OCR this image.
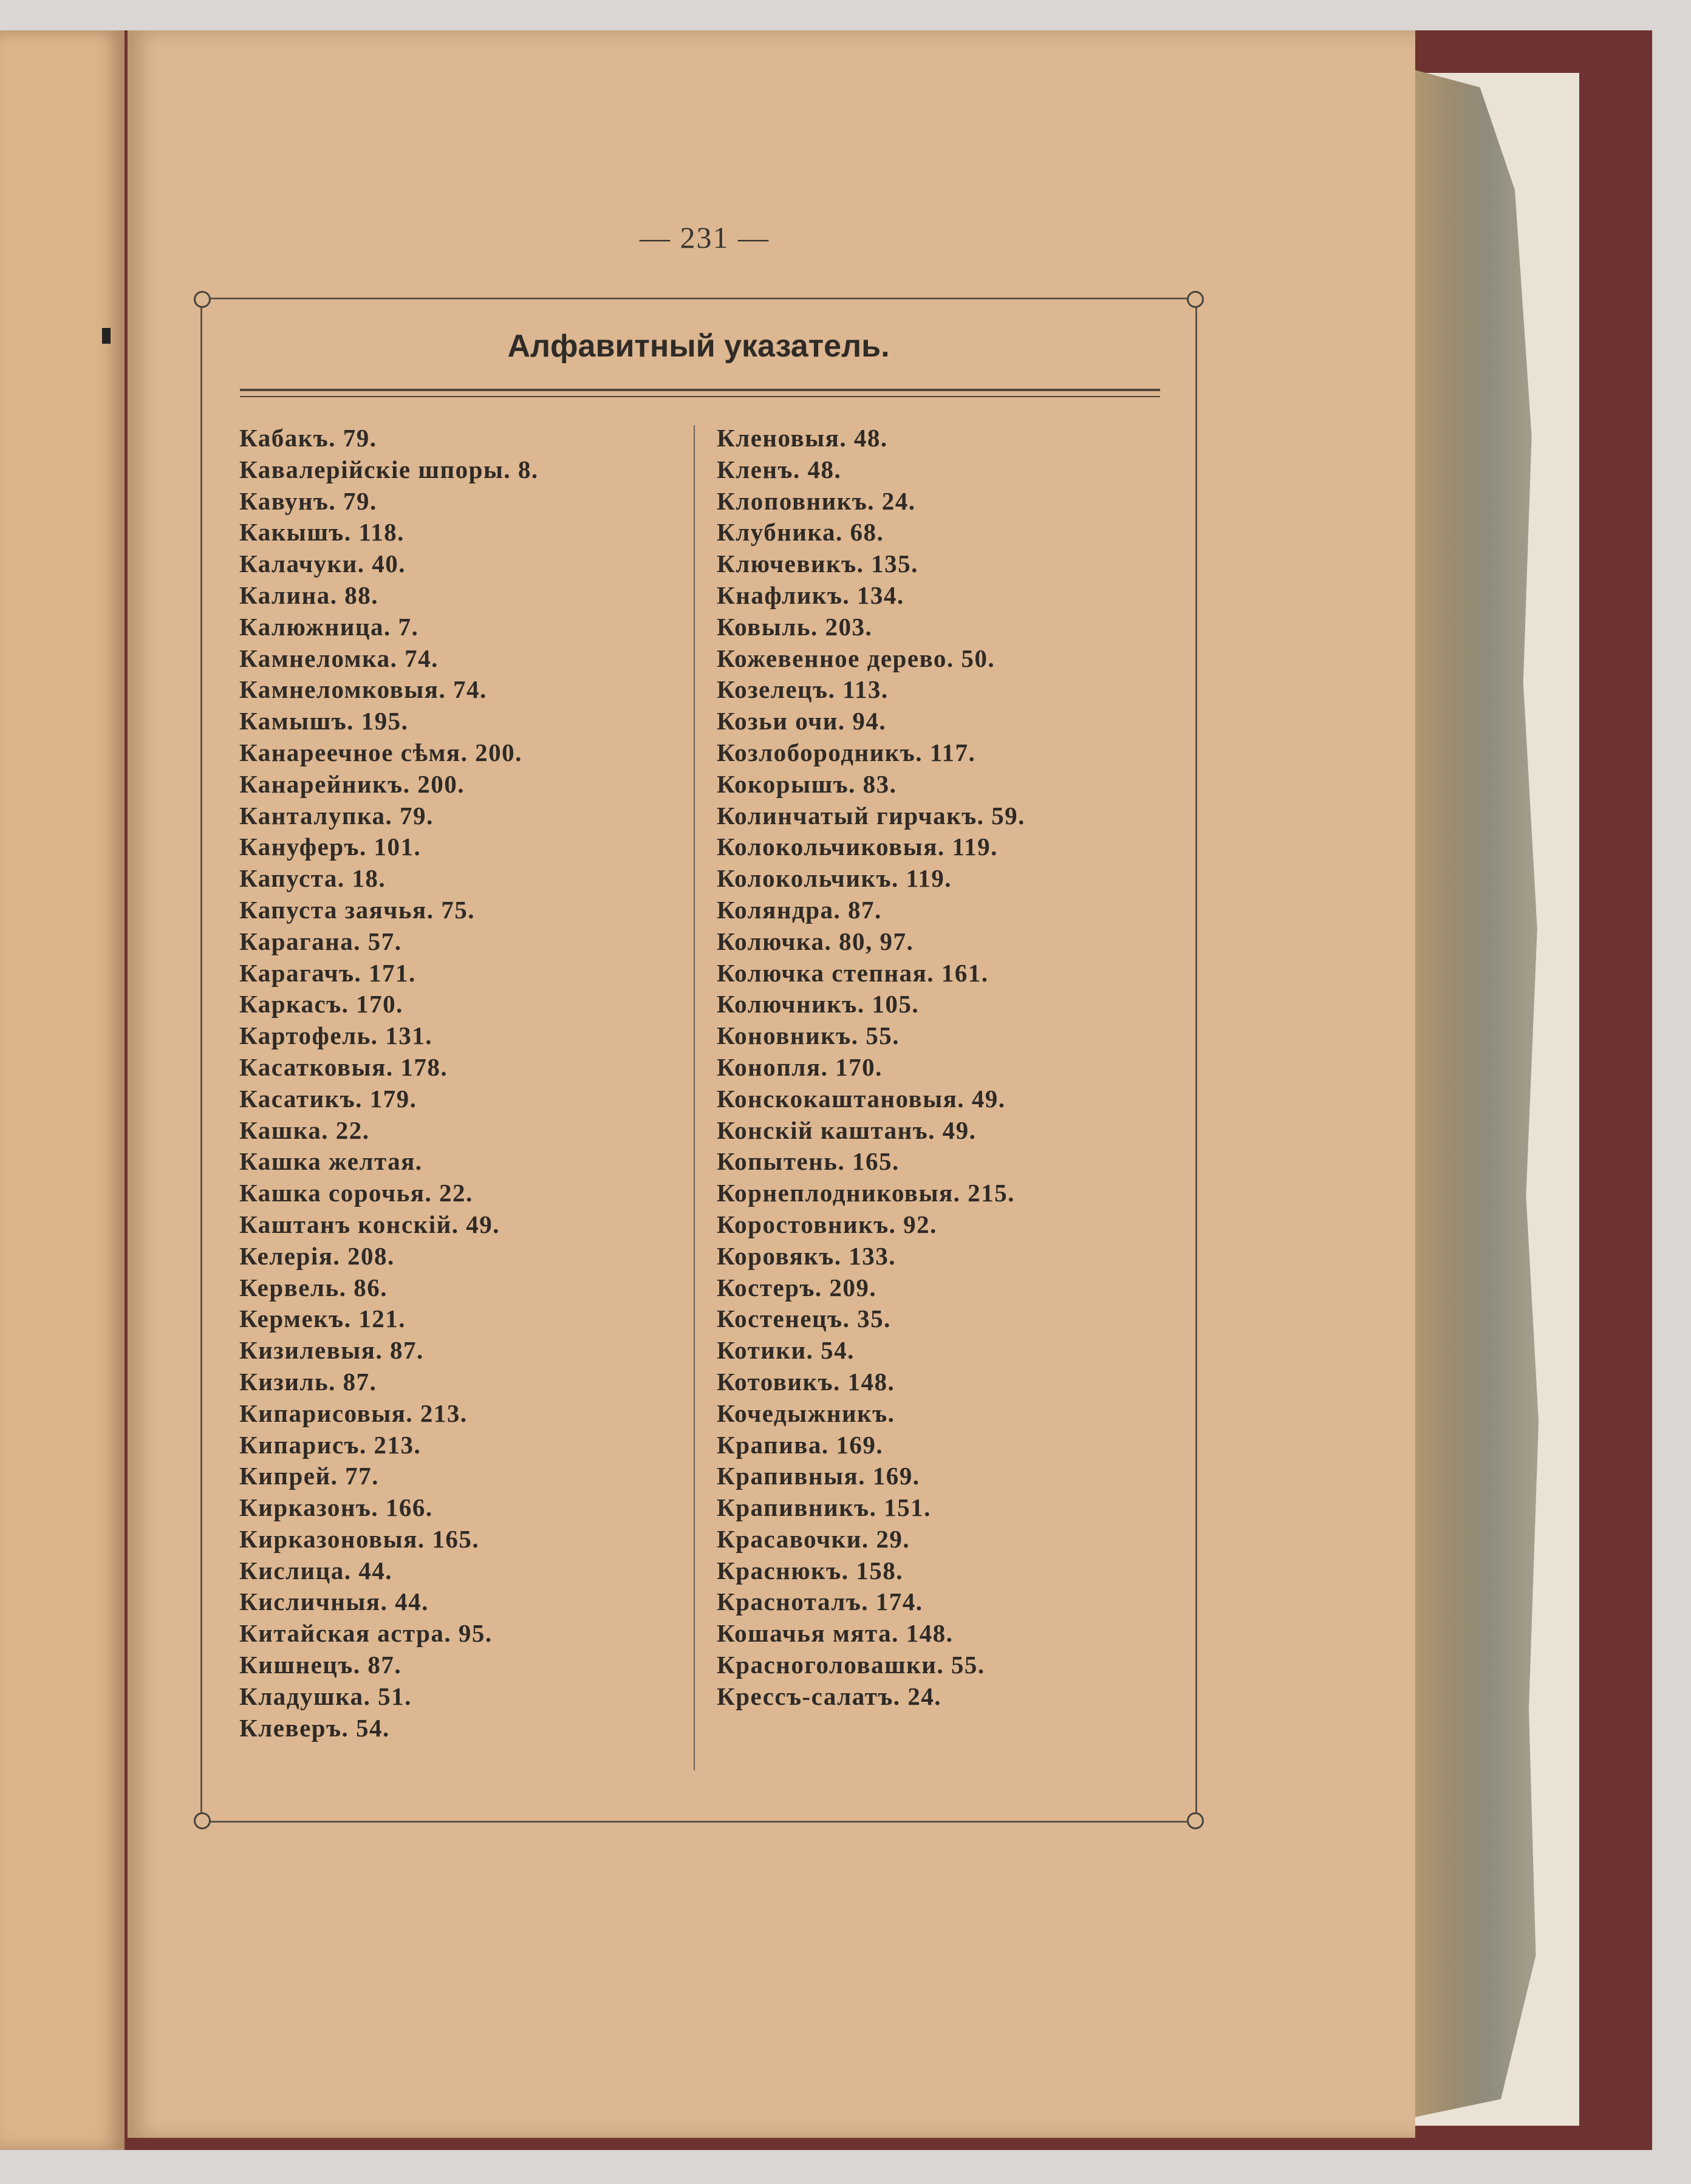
— 231 —
Алфавитный указатель.
Кабакъ. 79.
Кавалерійскіе шпоры. 8.
Кавунъ. 79.
Какышъ. 118.
Калачуки. 40.
Калина. 88.
Калюжница. 7.
Камнеломка. 74.
Камнеломковыя. 74.
Камышъ. 195.
Канареечное сѣмя. 200.
Канарейникъ. 200.
Канталупка. 79.
Кануферъ. 101.
Капуста. 18.
Капуста заячья. 75.
Карагана. 57.
Карагачъ. 171.
Каркасъ. 170.
Картофель. 131.
Касатковыя. 178.
Касатикъ. 179.
Кашка. 22.
Кашка желтая.
Кашка сорочья. 22.
Каштанъ конскій. 49.
Келерія. 208.
Кервель. 86.
Кермекъ. 121.
Кизилевыя. 87.
Кизиль. 87.
Кипарисовыя. 213.
Кипарисъ. 213.
Кипрей. 77.
Кирказонъ. 166.
Кирказоновыя. 165.
Кислица. 44.
Кисличныя. 44.
Китайская астра. 95.
Кишнецъ. 87.
Кладушка. 51.
Клеверъ. 54.
Кленовыя. 48.
Кленъ. 48.
Клоповникъ. 24.
Клубника. 68.
Ключевикъ. 135.
Кнафликъ. 134.
Ковыль. 203.
Кожевенное дерево. 50.
Козелецъ. 113.
Козьи очи. 94.
Козлобородникъ. 117.
Кокорышъ. 83.
Колинчатый гирчакъ. 59.
Колокольчиковыя. 119.
Колокольчикъ. 119.
Коляндра. 87.
Колючка. 80, 97.
Колючка степная. 161.
Колючникъ. 105.
Коновникъ. 55.
Конопля. 170.
Конскокаштановыя. 49.
Конскій каштанъ. 49.
Копытень. 165.
Корнеплодниковыя. 215.
Коростовникъ. 92.
Коровякъ. 133.
Костеръ. 209.
Костенецъ. 35.
Котики. 54.
Котовикъ. 148.
Кочедыжникъ.
Крапива. 169.
Крапивныя. 169.
Крапивникъ. 151.
Красавочки. 29.
Краснюкъ. 158.
Красноталъ. 174.
Кошачья мята. 148.
Красноголовашки. 55.
Крессъ-салатъ. 24.
